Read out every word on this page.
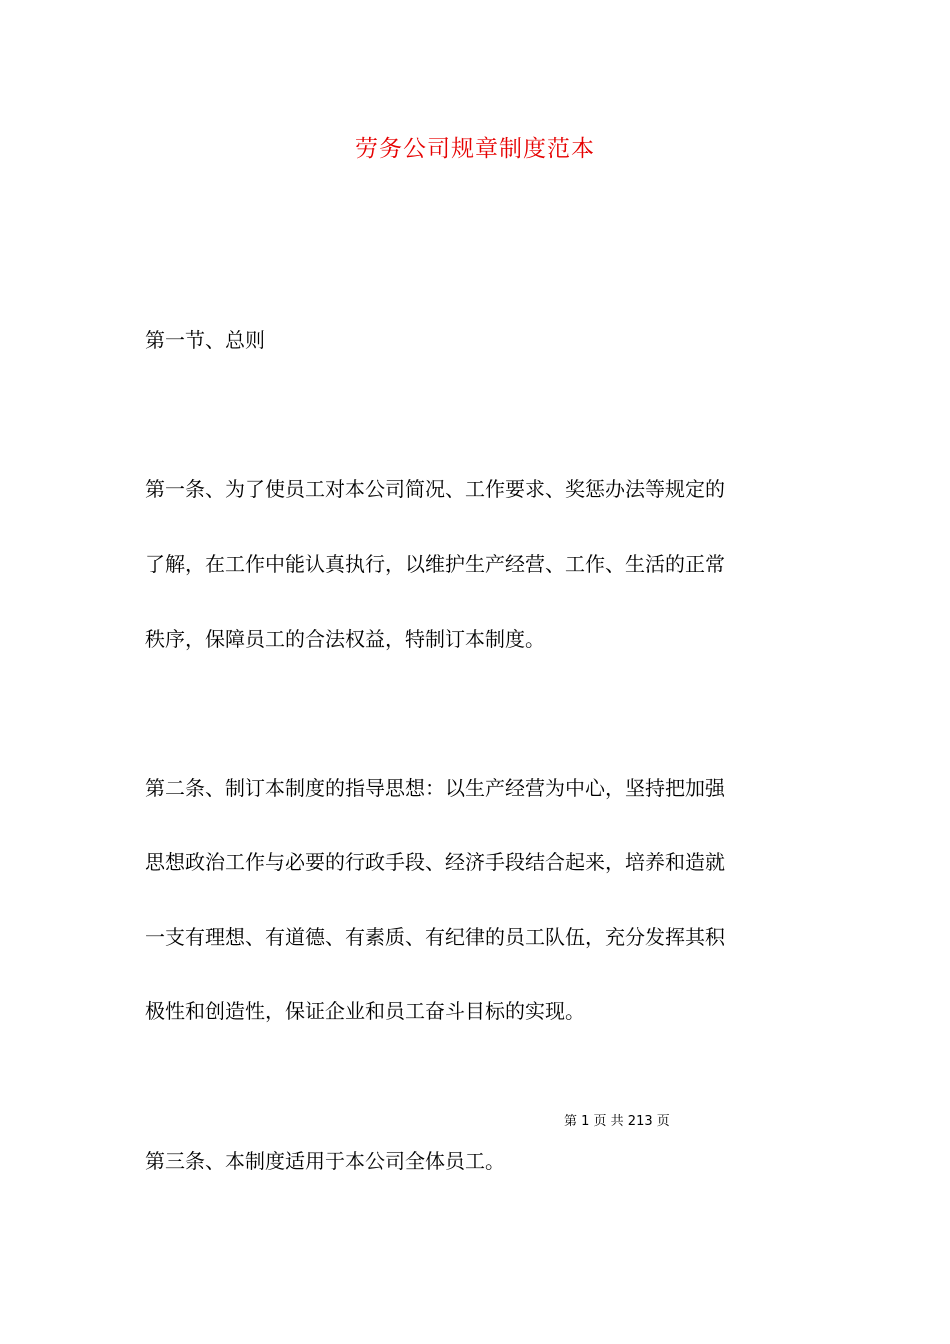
劳务公司规章制度范本
第一节、总则
第一条、为了使员工对本公司简况、工作要求、奖惩办法等规定的
了解，在工作中能认真执行，以维护生产经营、工作、生活的正常
秩序，保障员工的合法权益，特制订本制度。
第二条、制订本制度的指导思想：以生产经营为中心，坚持把加强
思想政治工作与必要的行政手段、经济手段结合起来，培养和造就
一支有理想、有道德、有素质、有纪律的员工队伍，充分发挥其积
极性和创造性，保证企业和员工奋斗目标的实现。
第 1 页 共 213 页
第三条、本制度适用于本公司全体员工。
